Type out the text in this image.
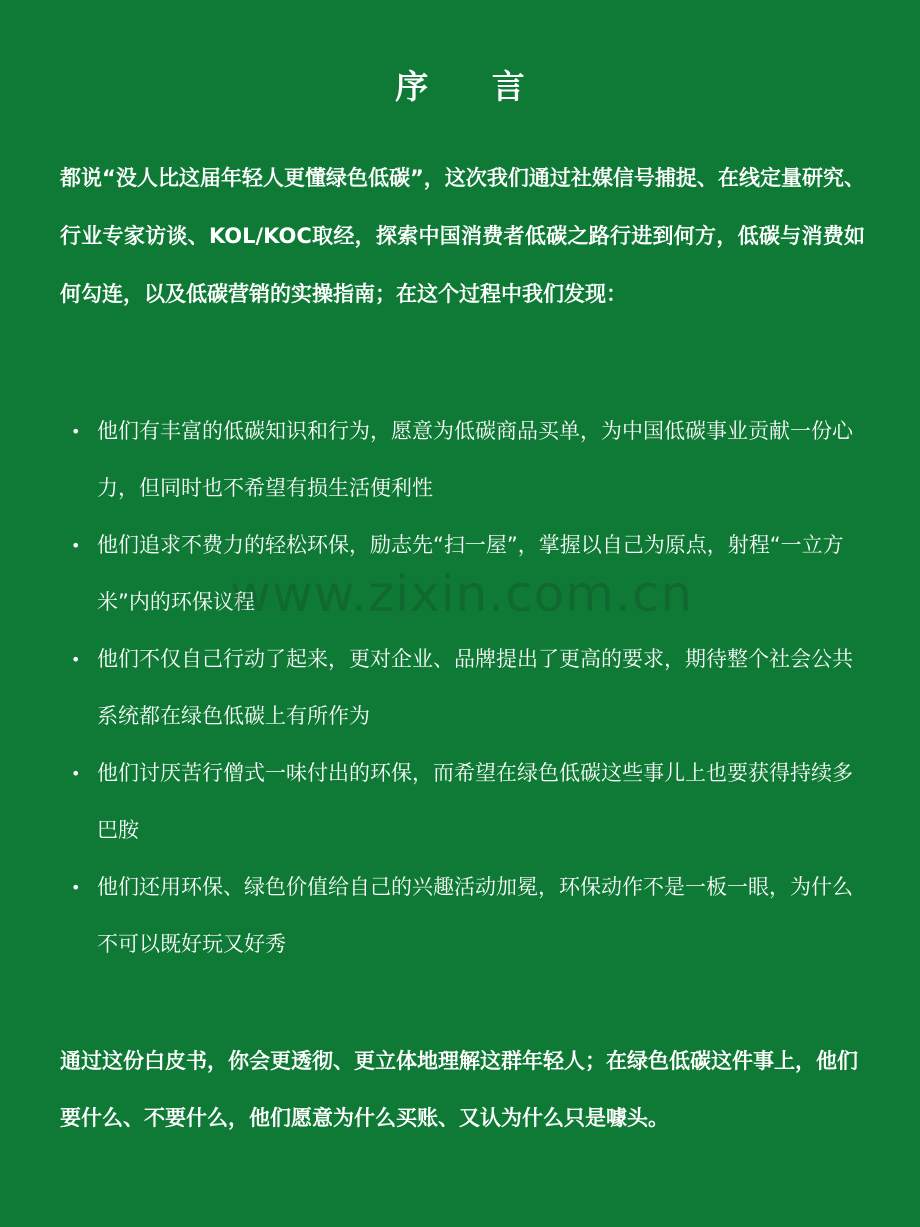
序 言

都说“没人比这届年轻人更懂绿色低碳”，这次我们通过社媒信号捕捉、在线定量研究、行业专家访谈、KOL/KOC取经，探索中国消费者低碳之路行进到何方，低碳与消费如何勾连，以及低碳营销的实操指南；在这个过程中我们发现：

• 他们有丰富的低碳知识和行为，愿意为低碳商品买单，为中国低碳事业贡献一份心力，但同时也不希望有损生活便利性
• 他们追求不费力的轻松环保，励志先“扫一屋”，掌握以自己为原点，射程“一立方米”内的环保议程
• 他们不仅自己行动了起来，更对企业、品牌提出了更高的要求，期待整个社会公共系统都在绿色低碳上有所作为
• 他们讨厌苦行僧式一味付出的环保，而希望在绿色低碳这些事儿上也要获得持续多巴胺
• 他们还用环保、绿色价值给自己的兴趣活动加冕，环保动作不是一板一眼，为什么不可以既好玩又好秀

通过这份白皮书，你会更透彻、更立体地理解这群年轻人；在绿色低碳这件事上，他们要什么、不要什么，他们愿意为什么买账、又认为什么只是噱头。

www.zixin.com.cn
